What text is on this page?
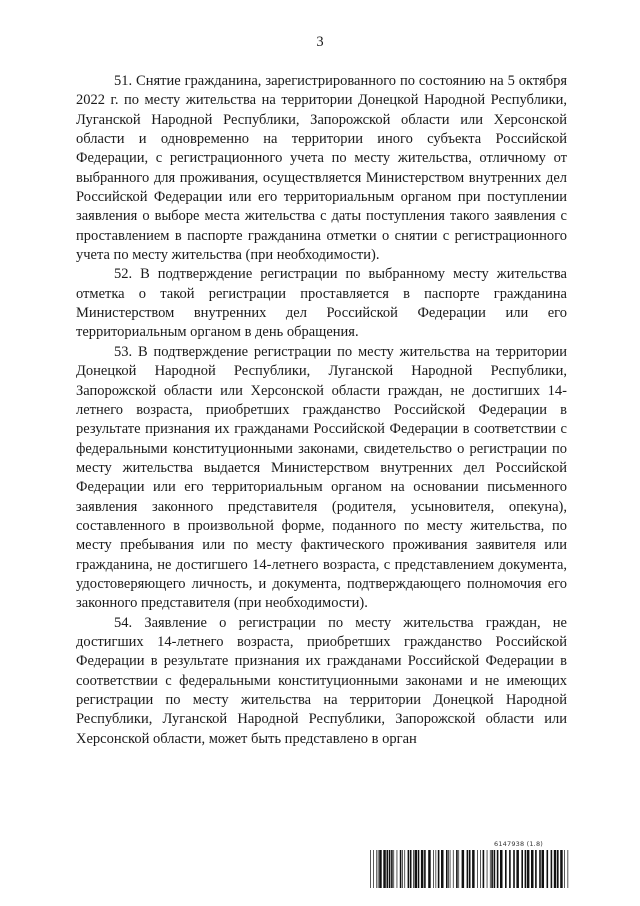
3

51. Снятие гражданина, зарегистрированного по состоянию на 5 октября 2022 г. по месту жительства на территории Донецкой Народной Республики, Луганской Народной Республики, Запорожской области или Херсонской области и одновременно на территории иного субъекта Российской Федерации, с регистрационного учета по месту жительства, отличному от выбранного для проживания, осуществляется Министерством внутренних дел Российской Федерации или его территориальным органом при поступлении заявления о выборе места жительства с даты поступления такого заявления с проставлением в паспорте гражданина отметки о снятии с регистрационного учета по месту жительства (при необходимости).

52. В подтверждение регистрации по выбранному месту жительства отметка о такой регистрации проставляется в паспорте гражданина Министерством внутренних дел Российской Федерации или его территориальным органом в день обращения.

53. В подтверждение регистрации по месту жительства на территории Донецкой Народной Республики, Луганской Народной Республики, Запорожской области или Херсонской области граждан, не достигших 14-летнего возраста, приобретших гражданство Российской Федерации в результате признания их гражданами Российской Федерации в соответствии с федеральными конституционными законами, свидетельство о регистрации по месту жительства выдается Министерством внутренних дел Российской Федерации или его территориальным органом на основании письменного заявления законного представителя (родителя, усыновителя, опекуна), составленного в произвольной форме, поданного по месту жительства, по месту пребывания или по месту фактического проживания заявителя или гражданина, не достигшего 14-летнего возраста, с представлением документа, удостоверяющего личность, и документа, подтверждающего полномочия его законного представителя (при необходимости).

54. Заявление о регистрации по месту жительства граждан, не достигших 14-летнего возраста, приобретших гражданство Российской Федерации в результате признания их гражданами Российской Федерации в соответствии с федеральными конституционными законами и не имеющих регистрации по месту жительства на территории Донецкой Народной Республики, Луганской Народной Республики, Запорожской области или Херсонской области, может быть представлено в орган

6147938 (1.8)
